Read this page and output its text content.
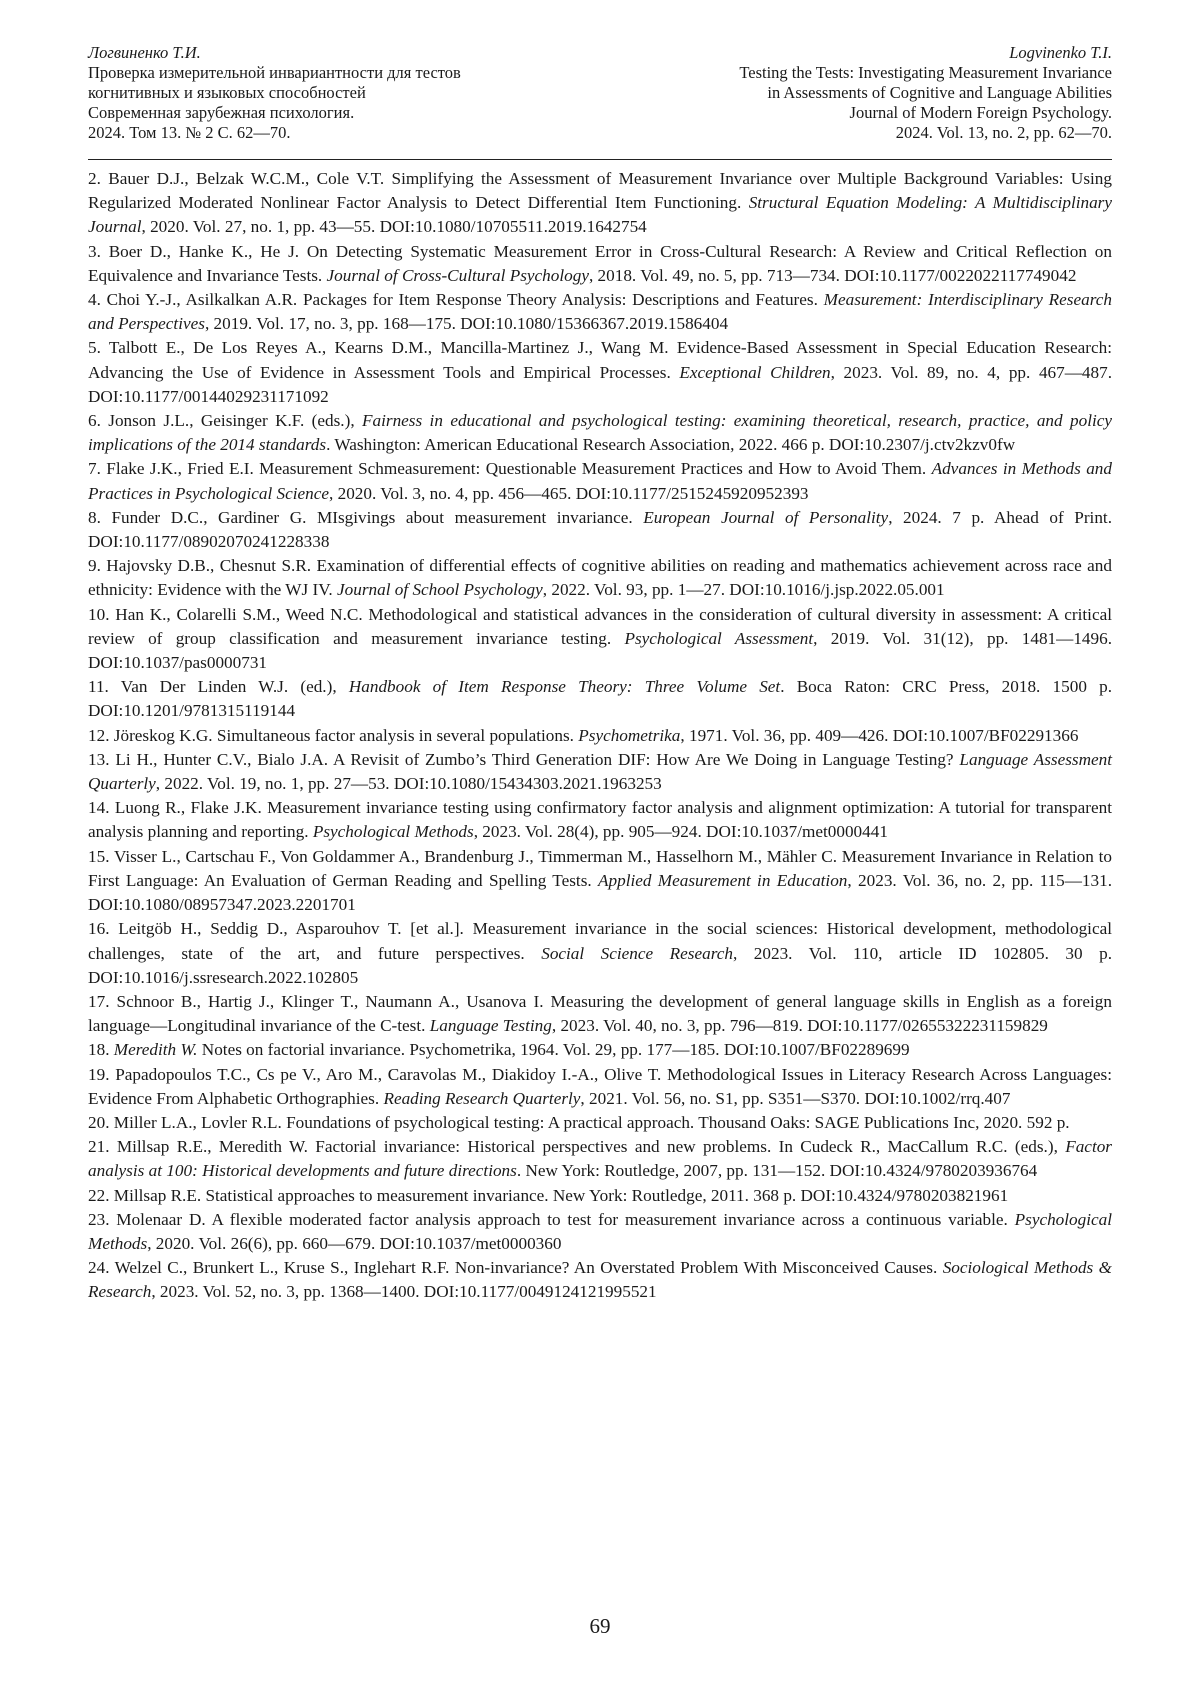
Логвиненко Т.И.
Проверка измерительной инвариантности для тестов
когнитивных и языковых способностей
Современная зарубежная психология.
2024. Том 13. № 2 С. 62—70.
Logvinenko T.I.
Testing the Tests: Investigating Measurement Invariance
in Assessments of Cognitive and Language Abilities
Journal of Modern Foreign Psychology.
2024. Vol. 13, no. 2, pp. 62—70.

2. Bauer D.J., Belzak W.C.M., Cole V.T. Simplifying the Assessment of Measurement Invariance over Multiple Background Variables: Using Regularized Moderated Nonlinear Factor Analysis to Detect Differential Item Functioning. Structural Equation Modeling: A Multidisciplinary Journal, 2020. Vol. 27, no. 1, pp. 43—55. DOI:10.1080/10705511.2019.1642754

3. Boer D., Hanke K., He J. On Detecting Systematic Measurement Error in Cross-Cultural Research: A Review and Critical Reflection on Equivalence and Invariance Tests. Journal of Cross-Cultural Psychology, 2018. Vol. 49, no. 5, pp. 713—734. DOI:10.1177/0022022117749042

4. Choi Y.-J., Asilkalkan A.R. Packages for Item Response Theory Analysis: Descriptions and Features. Measurement: Interdisciplinary Research and Perspectives, 2019. Vol. 17, no. 3, pp. 168—175. DOI:10.1080/15366367.2019.1586404

5. Talbott E., De Los Reyes A., Kearns D.M., Mancilla-Martinez J., Wang M. Evidence-Based Assessment in Special Education Research: Advancing the Use of Evidence in Assessment Tools and Empirical Processes. Exceptional Children, 2023. Vol. 89, no. 4, pp. 467—487. DOI:10.1177/00144029231171092

6. Jonson J.L., Geisinger K.F. (eds.), Fairness in educational and psychological testing: examining theoretical, research, practice, and policy implications of the 2014 standards. Washington: American Educational Research Association, 2022. 466 p. DOI:10.2307/j.ctv2kzv0fw

7. Flake J.K., Fried E.I. Measurement Schmeasurement: Questionable Measurement Practices and How to Avoid Them. Advances in Methods and Practices in Psychological Science, 2020. Vol. 3, no. 4, pp. 456—465. DOI:10.1177/2515245920952393

8. Funder D.C., Gardiner G. MIsgivings about measurement invariance. European Journal of Personality, 2024. 7 p. Ahead of Print. DOI:10.1177/08902070241228338

9. Hajovsky D.B., Chesnut S.R. Examination of differential effects of cognitive abilities on reading and mathematics achievement across race and ethnicity: Evidence with the WJ IV. Journal of School Psychology, 2022. Vol. 93, pp. 1—27. DOI:10.1016/j.jsp.2022.05.001

10. Han K., Colarelli S.M., Weed N.C. Methodological and statistical advances in the consideration of cultural diversity in assessment: A critical review of group classification and measurement invariance testing. Psychological Assessment, 2019. Vol. 31(12), pp. 1481—1496. DOI:10.1037/pas0000731

11. Van Der Linden W.J. (ed.), Handbook of Item Response Theory: Three Volume Set. Boca Raton: CRC Press, 2018. 1500 p. DOI:10.1201/9781315119144

12. Jöreskog K.G. Simultaneous factor analysis in several populations. Psychometrika, 1971. Vol. 36, pp. 409—426. DOI:10.1007/BF02291366

13. Li H., Hunter C.V., Bialo J.A. A Revisit of Zumbo’s Third Generation DIF: How Are We Doing in Language Testing? Language Assessment Quarterly, 2022. Vol. 19, no. 1, pp. 27—53. DOI:10.1080/15434303.2021.1963253

14. Luong R., Flake J.K. Measurement invariance testing using confirmatory factor analysis and alignment optimization: A tutorial for transparent analysis planning and reporting. Psychological Methods, 2023. Vol. 28(4), pp. 905—924. DOI:10.1037/met0000441

15. Visser L., Cartschau F., Von Goldammer A., Brandenburg J., Timmerman M., Hasselhorn M., Mähler C. Measurement Invariance in Relation to First Language: An Evaluation of German Reading and Spelling Tests. Applied Measurement in Education, 2023. Vol. 36, no. 2, pp. 115—131. DOI:10.1080/08957347.2023.2201701

16. Leitgöb H., Seddig D., Asparouhov T. [et al.]. Measurement invariance in the social sciences: Historical development, methodological challenges, state of the art, and future perspectives. Social Science Research, 2023. Vol. 110, article ID 102805. 30 p. DOI:10.1016/j.ssresearch.2022.102805

17. Schnoor B., Hartig J., Klinger T., Naumann A., Usanova I. Measuring the development of general language skills in English as a foreign language—Longitudinal invariance of the C-test. Language Testing, 2023. Vol. 40, no. 3, pp. 796—819. DOI:10.1177/02655322231159829

18. Meredith W. Notes on factorial invariance. Psychometrika, 1964. Vol. 29, pp. 177—185. DOI:10.1007/BF02289699

19. Papadopoulos T.C., Cs pe V., Aro M., Caravolas M., Diakidoy I.-A., Olive T. Methodological Issues in Literacy Research Across Languages: Evidence From Alphabetic Orthographies. Reading Research Quarterly, 2021. Vol. 56, no. S1, pp. S351—S370. DOI:10.1002/rrq.407

20. Miller L.A., Lovler R.L. Foundations of psychological testing: A practical approach. Thousand Oaks: SAGE Publications Inc, 2020. 592 p.

21. Millsap R.E., Meredith W. Factorial invariance: Historical perspectives and new problems. In Cudeck R., MacCallum R.C. (eds.), Factor analysis at 100: Historical developments and future directions. New York: Routledge, 2007, pp. 131—152. DOI:10.4324/9780203936764

22. Millsap R.E. Statistical approaches to measurement invariance. New York: Routledge, 2011. 368 p. DOI:10.4324/9780203821961

23. Molenaar D. A flexible moderated factor analysis approach to test for measurement invariance across a continuous variable. Psychological Methods, 2020. Vol. 26(6), pp. 660—679. DOI:10.1037/met0000360

24. Welzel C., Brunkert L., Kruse S., Inglehart R.F. Non-invariance? An Overstated Problem With Misconceived Causes. Sociological Methods & Research, 2023. Vol. 52, no. 3, pp. 1368—1400. DOI:10.1177/0049124121995521

69
